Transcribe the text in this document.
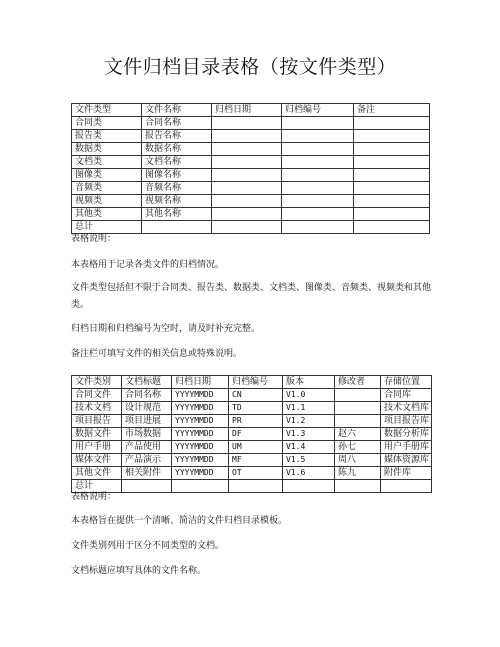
文件归档目录表格（按文件类型）
文件类型	文件名称	归档日期	归档编号	备注
合同类	合同名称			
报告类	报告名称			
数据类	数据名称			
文档类	文档名称			
图像类	图像名称			
音频类	音频名称			
视频类	视频名称			
其他类	其他名称			
总计				

表格说明：

本表格用于记录各类文件的归档情况。

文件类型包括但不限于合同类、报告类、数据类、文档类、图像类、音频类、视频类和其他类。

归档日期和归档编号为空时，请及时补充完整。

备注栏可填写文件的相关信息或特殊说明。

文件类别	文档标题	归档日期	归档编号	版本	修改者	存储位置
合同文件	合同名称	YYYYMMDD	CN	V1.0		合同库
技术文档	设计规范	YYYYMMDD	TD	V1.1		技术文档库
项目报告	项目进展	YYYYMMDD	PR	V1.2		项目报告库
数据文件	市场数据	YYYYMMDD	DF	V1.3	赵六	数据分析库
用户手册	产品使用	YYYYMMDD	UM	V1.4	孙七	用户手册库
媒体文件	产品演示	YYYYMMDD	MF	V1.5	周八	媒体资源库
其他文件	相关附件	YYYYMMDD	OT	V1.6	陈九	附件库
总计						

表格说明：

本表格旨在提供一个清晰、简洁的文件归档目录模板。

文件类别列用于区分不同类型的文档。

文档标题应填写具体的文件名称。
